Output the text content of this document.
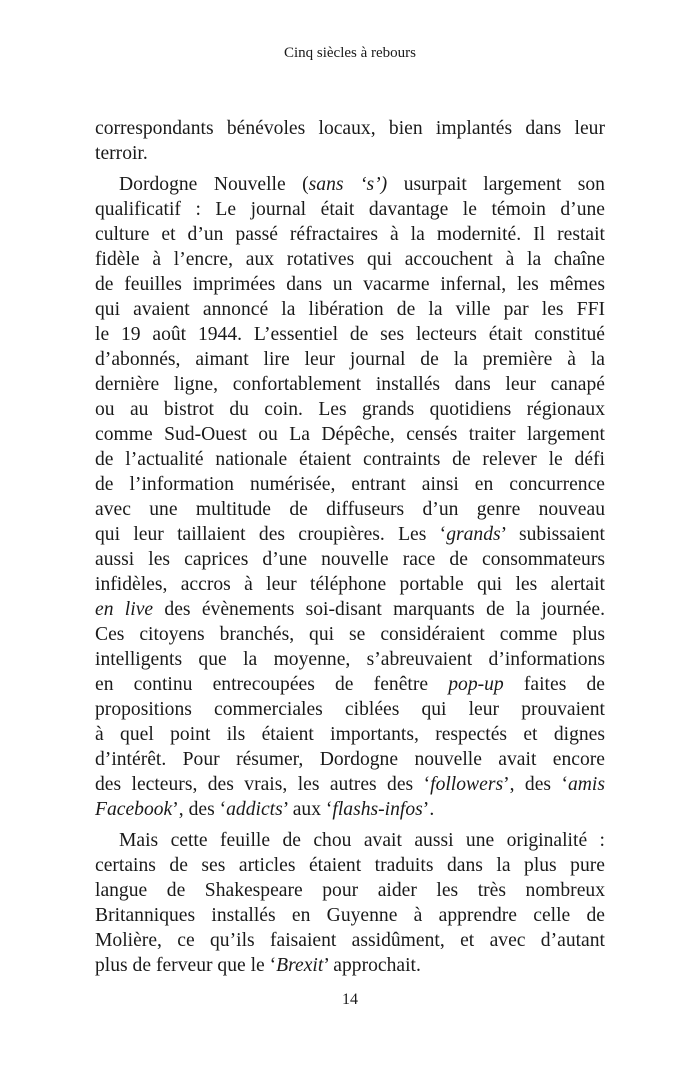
Cinq siècles à rebours
correspondants bénévoles locaux, bien implantés dans leur
terroir.
Dordogne Nouvelle (sans ‘s’) usurpait largement son
qualificatif : Le journal était davantage le témoin d’une
culture et d’un passé réfractaires à la modernité. Il restait
fidèle à l’encre, aux rotatives qui accouchent à la chaîne
de feuilles imprimées dans un vacarme infernal, les mêmes
qui avaient annoncé la libération de la ville par les FFI
le 19 août 1944. L’essentiel de ses lecteurs était constitué
d’abonnés, aimant lire leur journal de la première à la
dernière ligne, confortablement installés dans leur canapé
ou au bistrot du coin. Les grands quotidiens régionaux
comme Sud-Ouest ou La Dépêche, censés traiter largement
de l’actualité nationale étaient contraints de relever le défi
de l’information numérisée, entrant ainsi en concurrence
avec une multitude de diffuseurs d’un genre nouveau
qui leur taillaient des croupières. Les ‘grands’ subissaient
aussi les caprices d’une nouvelle race de consommateurs
infidèles, accros à leur téléphone portable qui les alertait
en live des évènements soi-disant marquants de la journée.
Ces citoyens branchés, qui se considéraient comme plus
intelligents que la moyenne, s’abreuvaient d’informations
en continu entrecoupées de fenêtre pop-up faites de
propositions commerciales ciblées qui leur prouvaient
à quel point ils étaient importants, respectés et dignes
d’intérêt. Pour résumer, Dordogne nouvelle avait encore
des lecteurs, des vrais, les autres des ‘followers’, des ‘amis
Facebook’, des ‘addicts’ aux ‘flashs-infos’.
Mais cette feuille de chou avait aussi une originalité :
certains de ses articles étaient traduits dans la plus pure
langue de Shakespeare pour aider les très nombreux
Britanniques installés en Guyenne à apprendre celle de
Molière, ce qu’ils faisaient assidûment, et avec d’autant
plus de ferveur que le ‘Brexit’ approchait.
14
